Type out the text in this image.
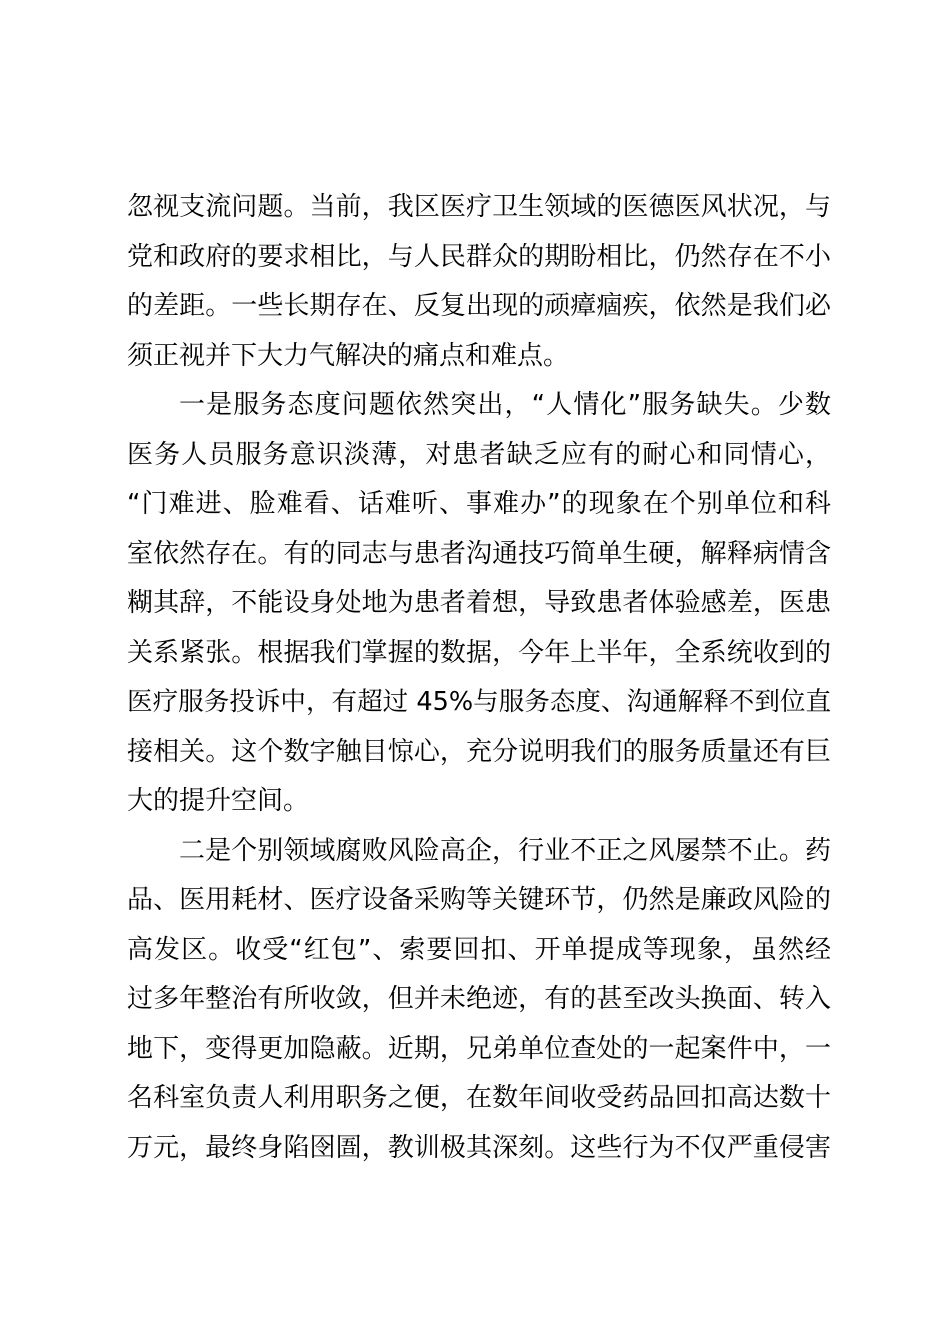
忽视支流问题。当前，我区医疗卫生领域的医德医风状况，与
党和政府的要求相比，与人民群众的期盼相比，仍然存在不小
的差距。一些长期存在、反复出现的顽瘴痼疾，依然是我们必
须正视并下大力气解决的痛点和难点。
一是服务态度问题依然突出，“人情化”服务缺失。少数
医务人员服务意识淡薄，对患者缺乏应有的耐心和同情心，
“门难进、脸难看、话难听、事难办”的现象在个别单位和科
室依然存在。有的同志与患者沟通技巧简单生硬，解释病情含
糊其辞，不能设身处地为患者着想，导致患者体验感差，医患
关系紧张。根据我们掌握的数据，今年上半年，全系统收到的
医疗服务投诉中，有超过 45%与服务态度、沟通解释不到位直
接相关。这个数字触目惊心，充分说明我们的服务质量还有巨
大的提升空间。
二是个别领域腐败风险高企，行业不正之风屡禁不止。药
品、医用耗材、医疗设备采购等关键环节，仍然是廉政风险的
高发区。收受“红包”、索要回扣、开单提成等现象，虽然经
过多年整治有所收敛，但并未绝迹，有的甚至改头换面、转入
地下，变得更加隐蔽。近期，兄弟单位查处的一起案件中，一
名科室负责人利用职务之便，在数年间收受药品回扣高达数十
万元，最终身陷囹圄，教训极其深刻。这些行为不仅严重侵害
